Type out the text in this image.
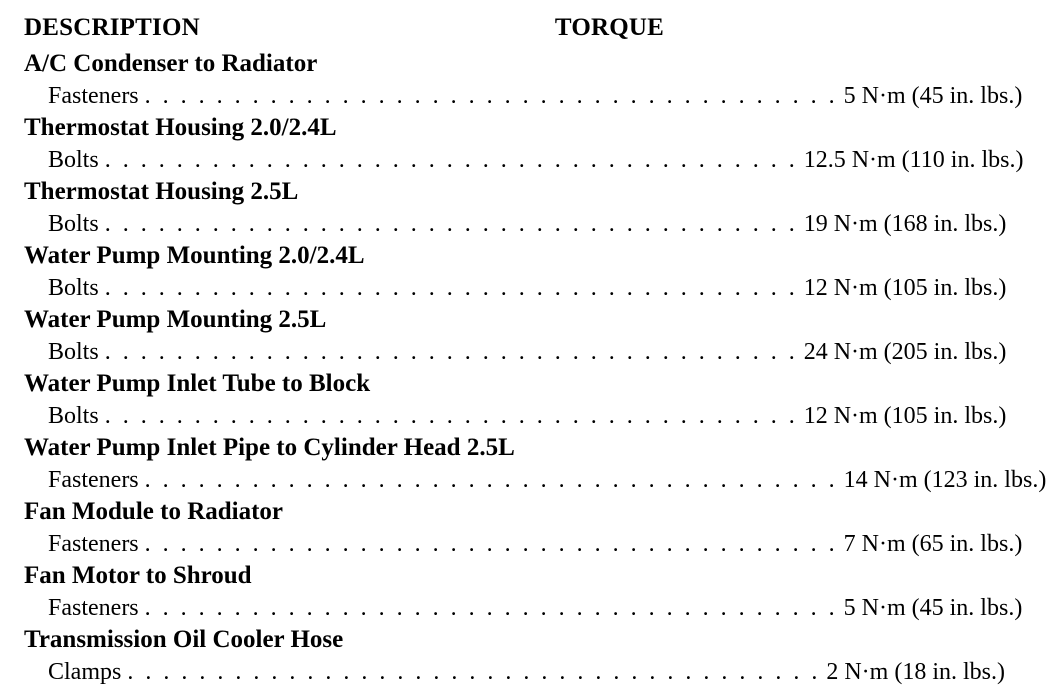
DESCRIPTION	TORQUE
A/C Condenser to Radiator
Fasteners . . . . . . . . . . . . . . . . . . . . . . . . . . . . . . . . . . . . . . . 5 N·m (45 in. lbs.)
Thermostat Housing 2.0/2.4L
Bolts . . . . . . . . . . . . . . . . . . . . . . . . . . . . . . . . . . . . . . . 12.5 N·m (110 in. lbs.)
Thermostat Housing 2.5L
Bolts . . . . . . . . . . . . . . . . . . . . . . . . . . . . . . . . . . . . . . . 19 N·m (168 in. lbs.)
Water Pump Mounting 2.0/2.4L
Bolts . . . . . . . . . . . . . . . . . . . . . . . . . . . . . . . . . . . . . . . 12 N·m (105 in. lbs.)
Water Pump Mounting 2.5L
Bolts . . . . . . . . . . . . . . . . . . . . . . . . . . . . . . . . . . . . . . . 24 N·m (205 in. lbs.)
Water Pump Inlet Tube to Block
Bolts . . . . . . . . . . . . . . . . . . . . . . . . . . . . . . . . . . . . . . . 12 N·m (105 in. lbs.)
Water Pump Inlet Pipe to Cylinder Head 2.5L
Fasteners . . . . . . . . . . . . . . . . . . . . . . . . . . . . . . . . . . . . . . . 14 N·m (123 in. lbs.)
Fan Module to Radiator
Fasteners . . . . . . . . . . . . . . . . . . . . . . . . . . . . . . . . . . . . . . . 7 N·m (65 in. lbs.)
Fan Motor to Shroud
Fasteners . . . . . . . . . . . . . . . . . . . . . . . . . . . . . . . . . . . . . . . 5 N·m (45 in. lbs.)
Transmission Oil Cooler Hose
Clamps . . . . . . . . . . . . . . . . . . . . . . . . . . . . . . . . . . . . . . . 2 N·m (18 in. lbs.)
